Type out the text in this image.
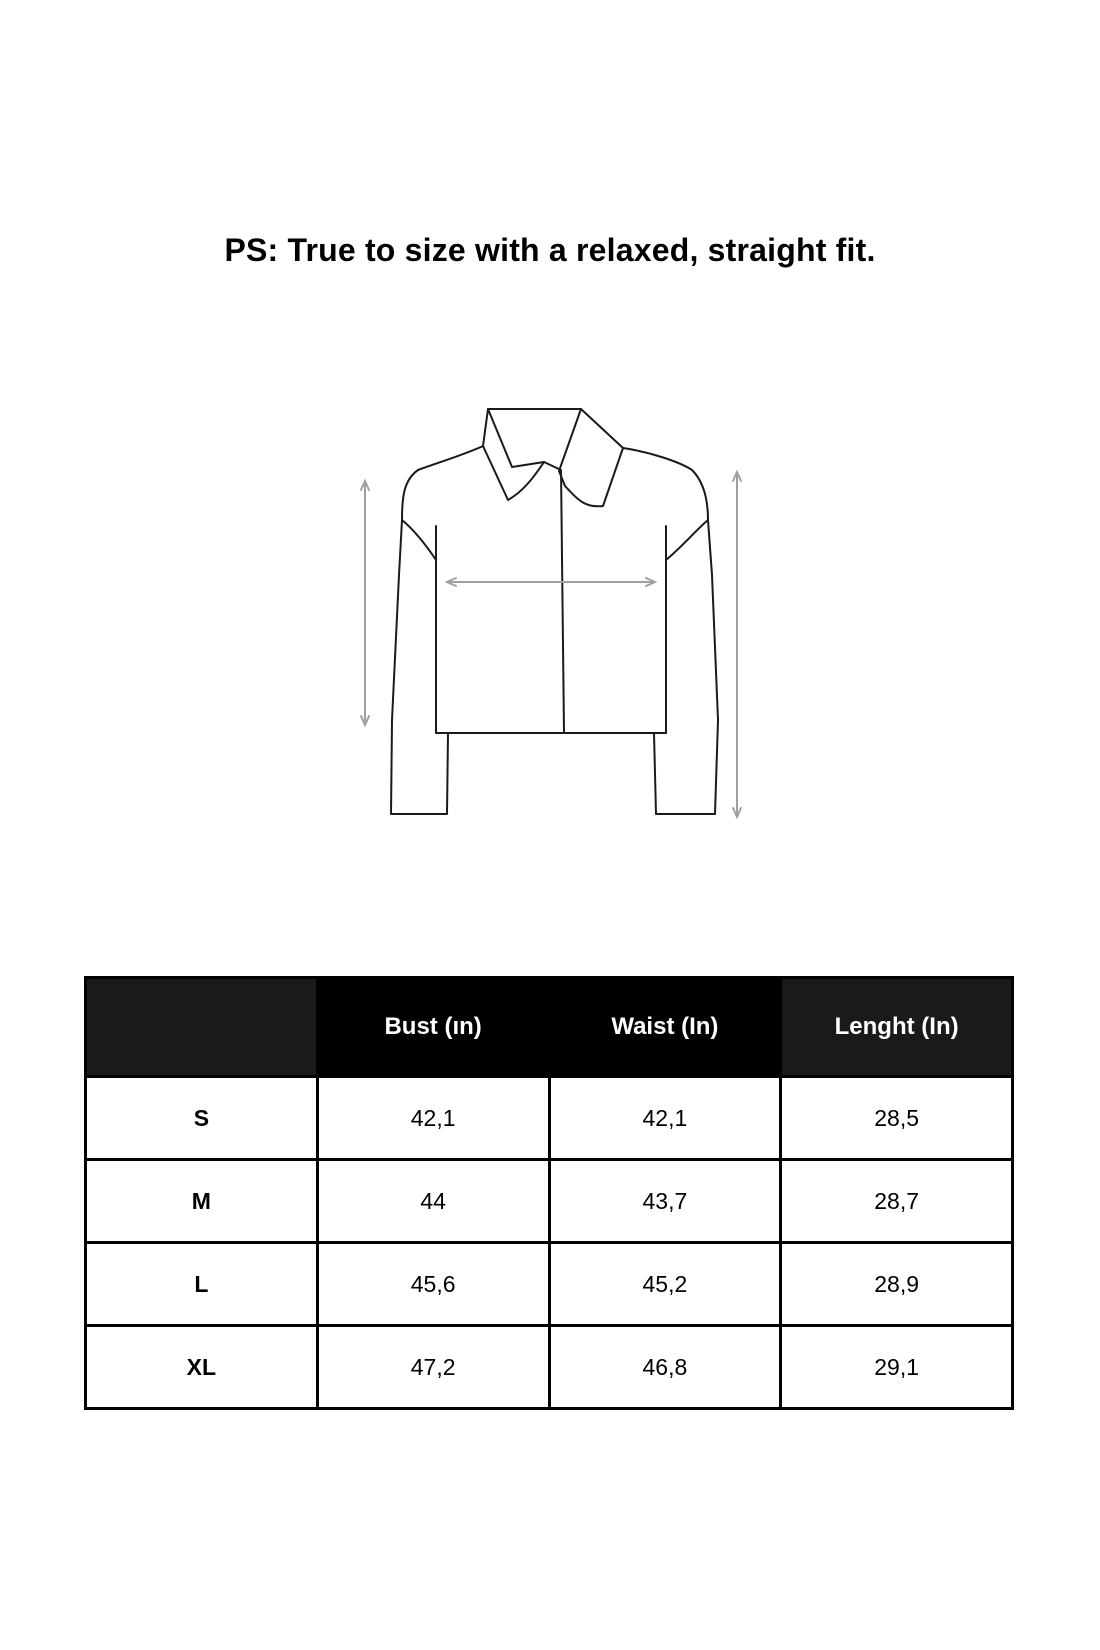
PS: True to size with a relaxed, straight fit.
	Bust (ın)	Waist (In)	Lenght (In)
S	42,1	42,1	28,5
M	44	43,7	28,7
L	45,6	45,2	28,9
XL	47,2	46,8	29,1
